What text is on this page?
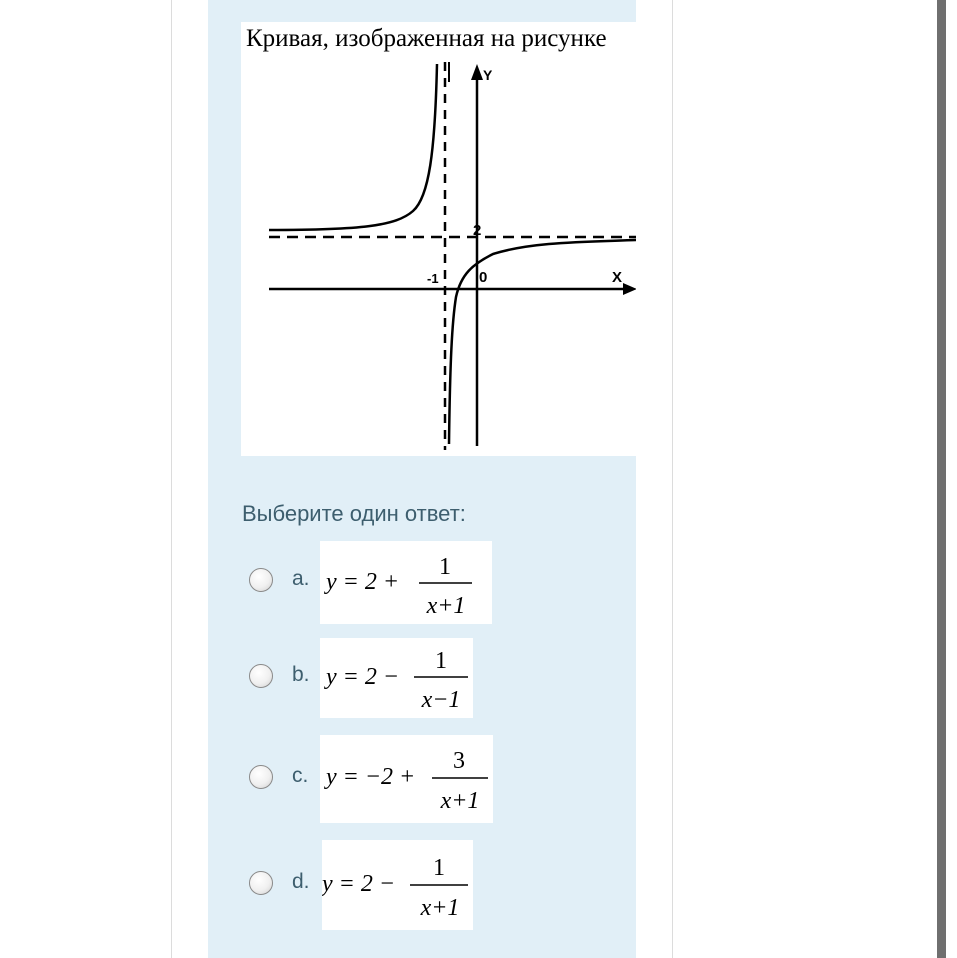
Y
X
2
-1	0
Кривая, изображенная на рисунке
Выберите один ответ:
a. y = 2 +
1
x+1
b. y = 2 −
1
x−1
c. y = −2 +
3
x+1
d. y = 2 −
1
x+1
